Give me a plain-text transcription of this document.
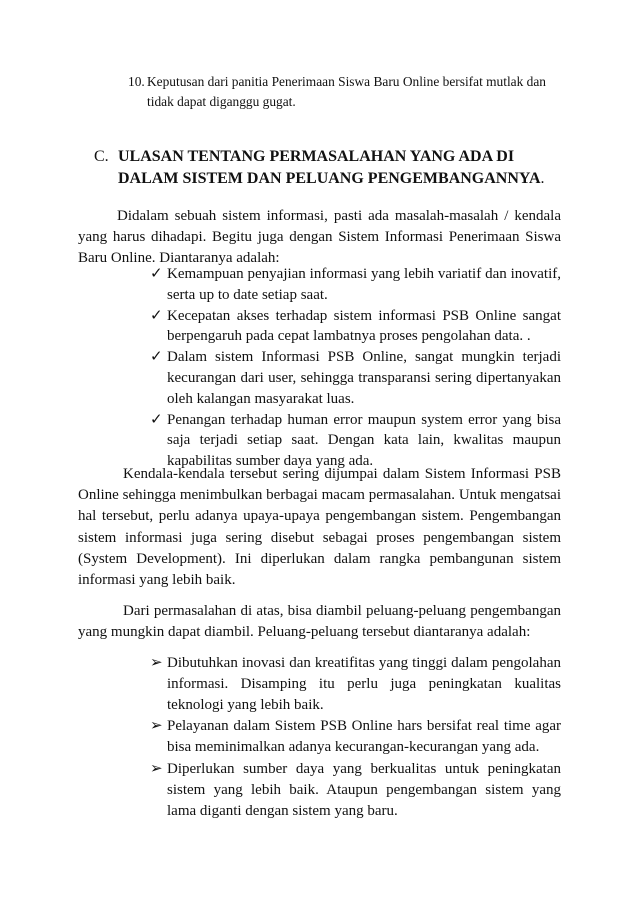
10. Keputusan dari panitia Penerimaan Siswa Baru Online bersifat mutlak dan tidak dapat diganggu gugat.
C. ULASAN TENTANG PERMASALAHAN YANG ADA DI DALAM SISTEM DAN PELUANG PENGEMBANGANNYA.

Didalam sebuah sistem informasi, pasti ada masalah-masalah / kendala yang harus dihadapi. Begitu juga dengan Sistem Informasi Penerimaan Siswa Baru Online. Diantaranya adalah:

✓ Kemampuan penyajian informasi yang lebih variatif dan inovatif, serta up to date setiap saat.
✓ Kecepatan akses terhadap sistem informasi PSB Online sangat berpengaruh pada cepat lambatnya proses pengolahan data. .
✓ Dalam sistem Informasi PSB Online, sangat mungkin terjadi kecurangan dari user, sehingga transparansi sering dipertanyakan oleh kalangan masyarakat luas.
✓ Penangan terhadap human error maupun system error yang bisa saja terjadi setiap saat. Dengan kata lain, kwalitas maupun kapabilitas sumber daya yang ada.

Kendala-kendala tersebut sering dijumpai dalam Sistem Informasi PSB Online sehingga menimbulkan berbagai macam permasalahan. Untuk mengatsai hal tersebut, perlu adanya upaya-upaya pengembangan sistem. Pengembangan sistem informasi juga sering disebut sebagai proses pengembangan sistem (System Development). Ini diperlukan dalam rangka pembangunan sistem informasi yang lebih baik.

Dari permasalahan di atas, bisa diambil peluang-peluang pengembangan yang mungkin dapat diambil. Peluang-peluang tersebut diantaranya adalah:

➢ Dibutuhkan inovasi dan kreatifitas yang tinggi dalam pengolahan informasi. Disamping itu perlu juga peningkatan kualitas teknologi yang lebih baik.
➢ Pelayanan dalam Sistem PSB Online hars bersifat real time agar bisa meminimalkan adanya kecurangan-kecurangan yang ada.
➢ Diperlukan sumber daya yang berkualitas untuk peningkatan sistem yang lebih baik. Ataupun pengembangan sistem yang lama diganti dengan sistem yang baru.
